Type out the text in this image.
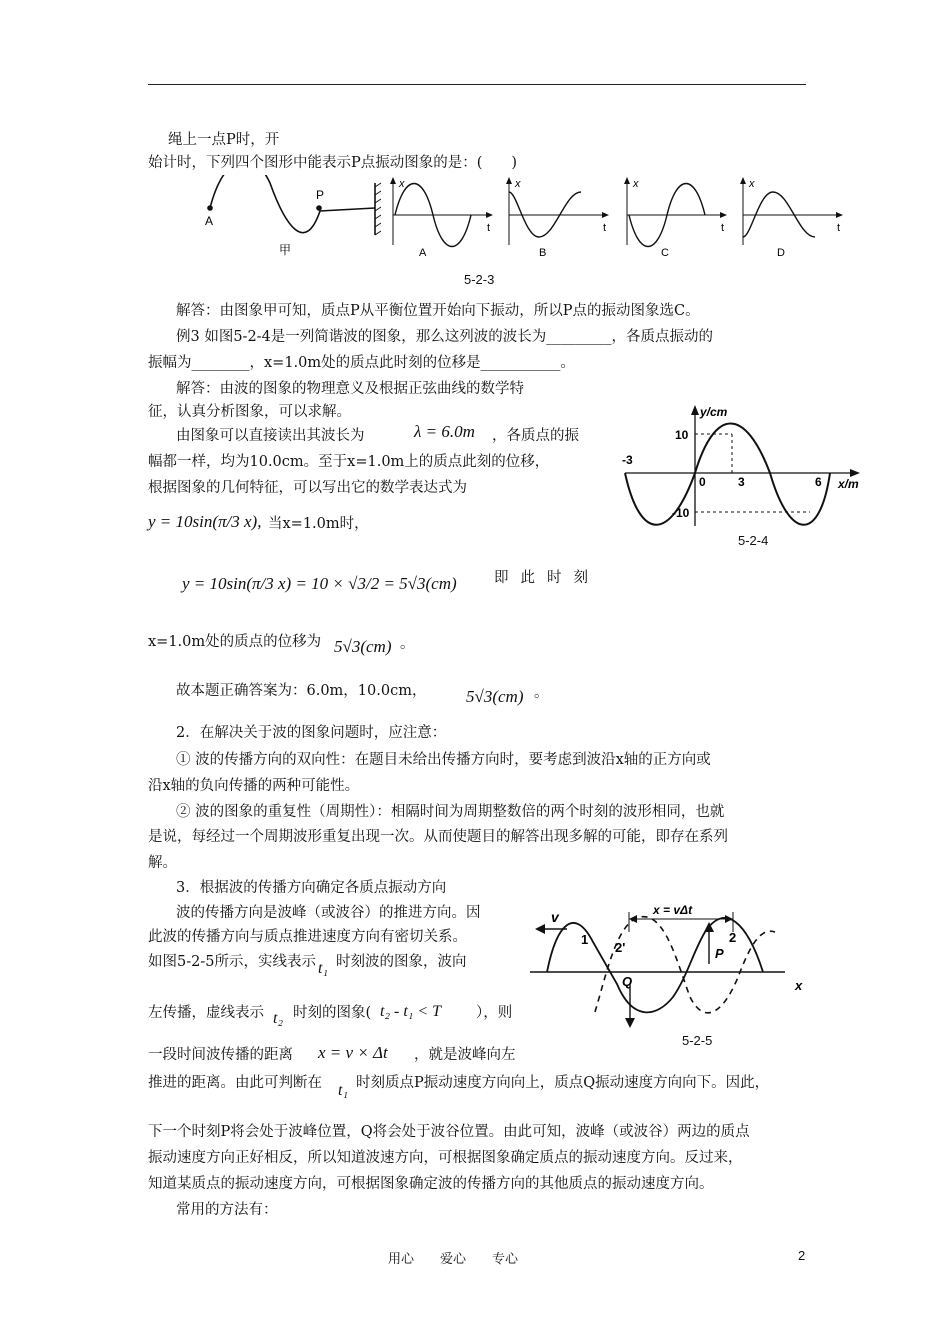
绳上一点P时，开
始计时，下列四个图形中能表示P点振动图象的是：(　　)
A
P
甲
x
t
A
x
t
B
x
t
C
x
t
D
5-2-3
解答：由图象甲可知，质点P从平衡位置开始向下振动，所以P点的振动图象选C。
例3 如图5-2-4是一列简谐波的图象，那么这列波的波长为_________，各质点振动的
振幅为________，x=1.0m处的质点此时刻的位移是___________。
解答：由波的图象的物理意义及根据正弦曲线的数学特
征，认真分析图象，可以求解。
由图象可以直接读出其波长为	λ = 6.0m ，各质点的振
幅都一样，均为10.0cm。至于x=1.0m上的质点此刻的位移，
根据图象的几何特征，可以写出它的数学表达式为
y = 10sin(π/3 x), 当x=1.0m时，
y/cm
x/m
10
-10
-3
0	3	6
5-2-4
y = 10sin(π/3 x) = 10 × √3/2 = 5√3(cm)	即此时刻
x=1.0m处的质点的位移为 5√3(cm) 。
故本题正确答案为：6.0m，10.0cm， 5√3(cm) 。
2．在解决关于波的图象问题时，应注意：
① 波的传播方向的双向性：在题目未给出传播方向时，要考虑到波沿x轴的正方向或
沿x轴的负向传播的两种可能性。
② 波的图象的重复性（周期性）：相隔时间为周期整数倍的两个时刻的波形相同，也就
是说，每经过一个周期波形重复出现一次。从而使题目的解答出现多解的可能，即存在系列
解。
3．根据波的传播方向确定各质点振动方向
波的传播方向是波峰（或波谷）的推进方向。因
此波的传播方向与质点推进速度方向有密切关系。
如图5-2-5所示，实线表示 t₁ 时刻波的图象，波向
左传播，虚线表示 t₂ 时刻的图象( t₂ - t₁ < T ），则
一段时间波传播的距离 x = v × Δt ，就是波峰向左
推进的距离。由此可判断在 t₁ 时刻质点P振动速度方向向上，质点Q振动速度方向向下。因此，
x
v	x = vΔt
1
2'
2
P
Q
5-2-5
下一个时刻P将会处于波峰位置，Q将会处于波谷位置。由此可知，波峰（或波谷）两边的质点
振动速度方向正好相反，所以知道波速方向，可根据图象确定质点的振动速度方向。反过来，
知道某质点的振动速度方向，可根据图象确定波的传播方向的其他质点的振动速度方向。
常用的方法有：
用心　　爱心　　专心	2
